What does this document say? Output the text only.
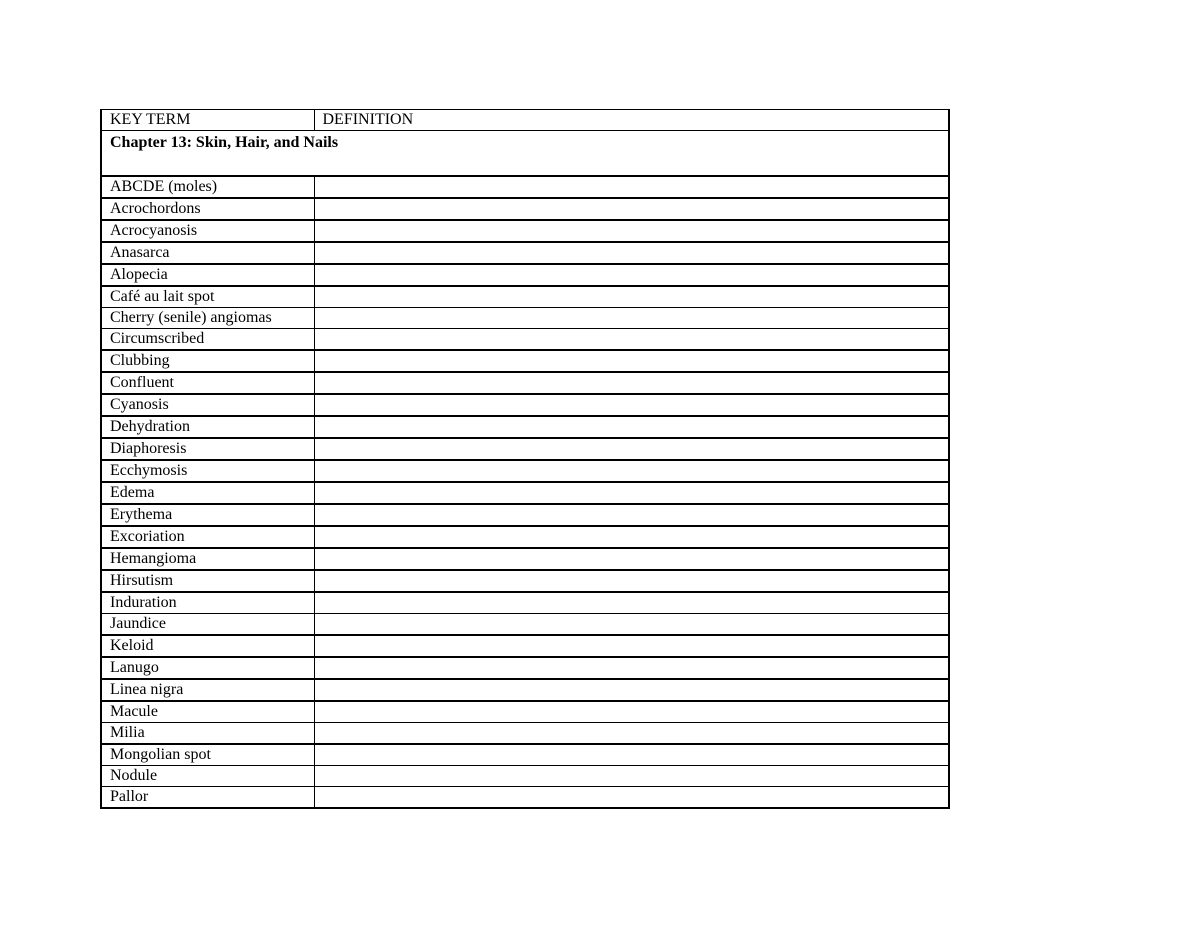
KEY TERM	DEFINITION
Chapter 13: Skin, Hair, and Nails	
ABCDE (moles)	
Acrochordons	
Acrocyanosis	
Anasarca	
Alopecia	
Café au lait spot	
Cherry (senile) angiomas	
Circumscribed	
Clubbing	
Confluent	
Cyanosis	
Dehydration	
Diaphoresis	
Ecchymosis	
Edema	
Erythema	
Excoriation	
Hemangioma	
Hirsutism	
Induration	
Jaundice	
Keloid	
Lanugo	
Linea nigra	
Macule	
Milia	
Mongolian spot	
Nodule	
Pallor	
